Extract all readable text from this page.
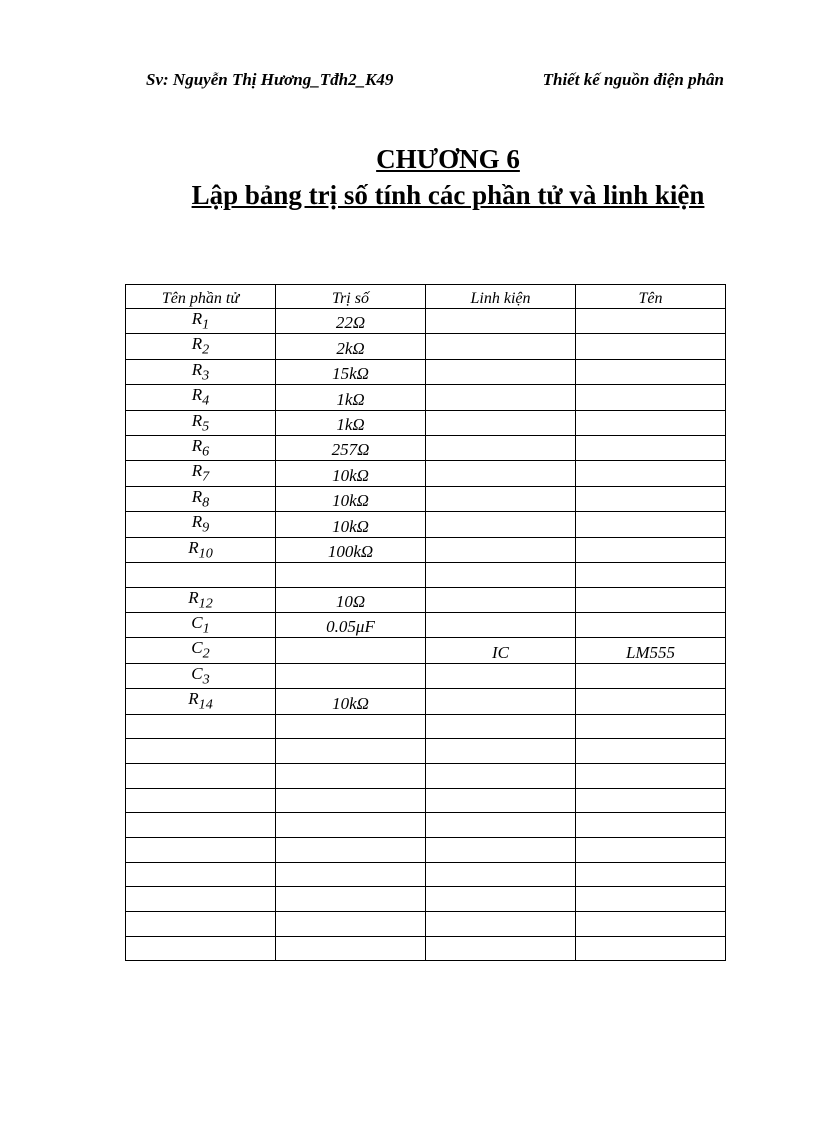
Sv: Nguyễn Thị Hương_Tđh2_K49	Thiết kế nguồn điện phân
CHƯƠNG 6
Lập bảng trị số tính các phần tử và linh kiện
Tên phần tử	Trị số	Linh kiện	Tên
$R_1$	22Ω		
$R_2$	2kΩ		
$R_3$	15kΩ		
$R_4$	1kΩ		
$R_5$	1kΩ		
$R_6$	257Ω		
$R_7$	10kΩ		
$R_8$	10kΩ		
$R_9$	10kΩ		
$R_{10}$	100kΩ		

$R_{12}$	10Ω		
$C_1$	0.05μF		
$C_2$		IC	LM555
$C_3$			
$R_{14}$	10kΩ		
